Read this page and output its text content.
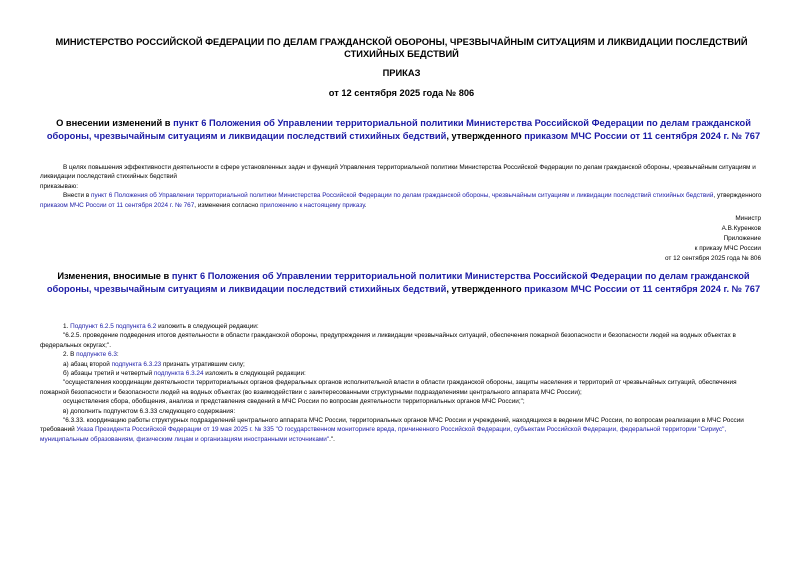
МИНИСТЕРСТВО РОССИЙСКОЙ ФЕДЕРАЦИИ ПО ДЕЛАМ ГРАЖДАНСКОЙ ОБОРОНЫ, ЧРЕЗВЫЧАЙНЫМ СИТУАЦИЯМ И ЛИКВИДАЦИИ ПОСЛЕДСТВИЙ СТИХИЙНЫХ БЕДСТВИЙ
ПРИКАЗ
от 12 сентября 2025 года № 806
О внесении изменений в пункт 6 Положения об Управлении территориальной политики Министерства Российской Федерации по делам гражданской обороны, чрезвычайным ситуациям и ликвидации последствий стихийных бедствий, утвержденного приказом МЧС России от 11 сентября 2024 г. № 767

В целях повышения эффективности деятельности в сфере установленных задач и функций Управления территориальной политики Министерства Российской Федерации по делам гражданской обороны, чрезвычайным ситуациям и ликвидации последствий стихийных бедствий

приказываю:

Внести в пункт 6 Положения об Управлении территориальной политики Министерства Российской Федерации по делам гражданской обороны, чрезвычайным ситуациям и ликвидации последствий стихийных бедствий, утвержденного приказом МЧС России от 11 сентября 2024 г. № 767, изменения согласно приложению к настоящему приказу.

Министр
А.В.Куренков
Приложение
к приказу МЧС России
от 12 сентября 2025 года № 806
Изменения, вносимые в пункт 6 Положения об Управлении территориальной политики Министерства Российской Федерации по делам гражданской обороны, чрезвычайным ситуациям и ликвидации последствий стихийных бедствий, утвержденного приказом МЧС России от 11 сентября 2024 г. № 767

1. Подпункт 6.2.5 подпункта 6.2 изложить в следующей редакции:

"6.2.5. проведение подведения итогов деятельности в области гражданской обороны, предупреждения и ликвидации чрезвычайных ситуаций, обеспечения пожарной безопасности и безопасности людей на водных объектах в федеральных округах;".

2. В подпункте 6.3:

а) абзац второй подпункта 6.3.23 признать утратившим силу;

б) абзацы третий и четвертый подпункта 6.3.24 изложить в следующей редакции:

"осуществления координации деятельности территориальных органов федеральных органов исполнительной власти в области гражданской обороны, защиты населения и территорий от чрезвычайных ситуаций, обеспечения пожарной безопасности и безопасности людей на водных объектах (во взаимодействии с заинтересованными структурными подразделениями центрального аппарата МЧС России);

осуществления сбора, обобщения, анализа и представления сведений в МЧС России по вопросам деятельности территориальных органов МЧС России;";

в) дополнить подпунктом 6.3.33 следующего содержания:

"6.3.33. координацию работы структурных подразделений центрального аппарата МЧС России, территориальных органов МЧС России и учреждений, находящихся в ведении МЧС России, по вопросам реализации в МЧС России требований Указа Президента Российской Федерации от 19 мая 2025 г. № 335 "О государственном мониторинге вреда, причиненного Российской Федерации, субъектам Российской Федерации, федеральной территории "Сириус", муниципальным образованиям, физическим лицам и организациям иностранными источниками".".
